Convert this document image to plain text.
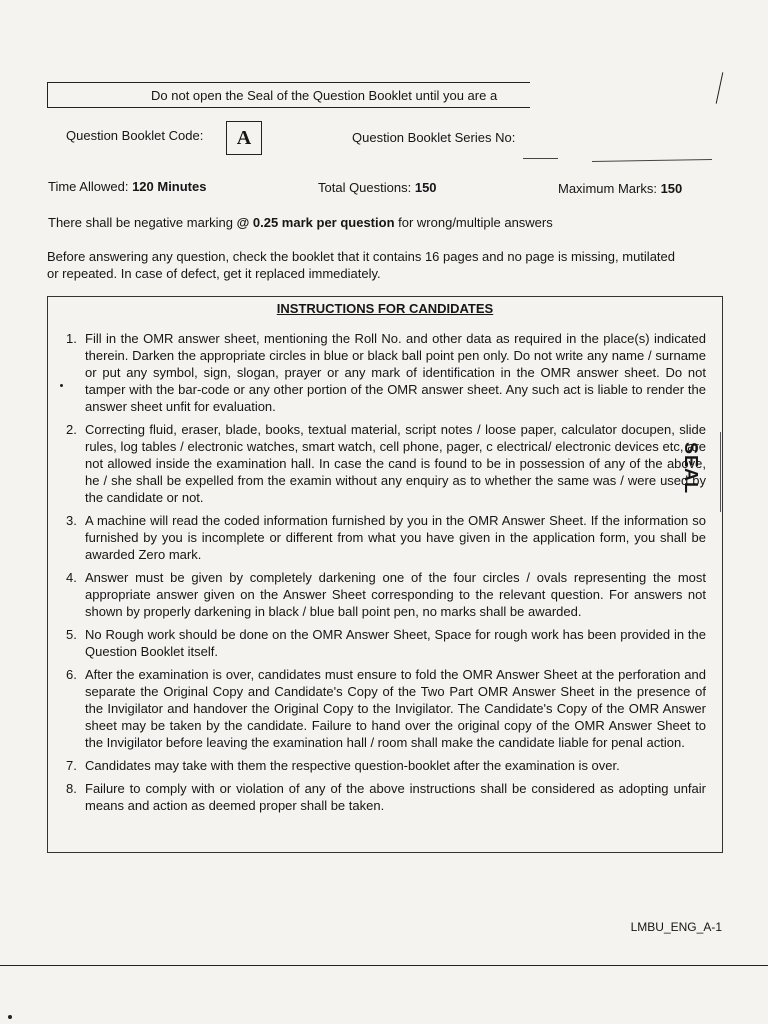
Do not open the Seal of the Question Booklet until you are a
Question Booklet Code:	A	Question Booklet Series No:
Time Allowed: 120 Minutes	Total Questions: 150	Maximum Marks: 150
There shall be negative marking @ 0.25 mark per question for wrong/multiple answers
Before answering any question, check the booklet that it contains 16 pages and no page is missing, mutilated or repeated. In case of defect, get it replaced immediately.
INSTRUCTIONS FOR CANDIDATES
1. Fill in the OMR answer sheet, mentioning the Roll No. and other data as required in the place(s) indicated therein. Darken the appropriate circles in blue or black ball point pen only. Do not write any name / surname or put any symbol, sign, slogan, prayer or any mark of identification in the OMR answer sheet. Do not tamper with the bar-code or any other portion of the OMR answer sheet. Any such act is liable to render the answer sheet unfit for evaluation.
2. Correcting fluid, eraser, blade, books, textual material, script notes / loose paper, calculator docupen, slide rules, log tables / electronic watches, smart watch, cell phone, pager, c electrical/ electronic devices etc, are not allowed inside the examination hall. In case the cand is found to be in possession of any of the above, he / she shall be expelled from the examin without any enquiry as to whether the same was / were used by the candidate or not.
3. A machine will read the coded information furnished by you in the OMR Answer Sheet. If the information so furnished by you is incomplete or different from what you have given in the application form, you shall be awarded Zero mark.
4. Answer must be given by completely darkening one of the four circles / ovals representing the most appropriate answer given on the Answer Sheet corresponding to the relevant question. For answers not shown by properly darkening in black / blue ball point pen, no marks shall be awarded.
5. No Rough work should be done on the OMR Answer Sheet, Space for rough work has been provided in the Question Booklet itself.
6. After the examination is over, candidates must ensure to fold the OMR Answer Sheet at the perforation and separate the Original Copy and Candidate's Copy of the Two Part OMR Answer Sheet in the presence of the Invigilator and handover the Original Copy to the Invigilator. The Candidate's Copy of the OMR Answer sheet may be taken by the candidate. Failure to hand over the original copy of the OMR Answer Sheet to the Invigilator before leaving the examination hall / room shall make the candidate liable for penal action.
7. Candidates may take with them the respective question-booklet after the examination is over.
8. Failure to comply with or violation of any of the above instructions shall be considered as adopting unfair means and action as deemed proper shall be taken.
SEAL
LMBU_ENG_A-1
